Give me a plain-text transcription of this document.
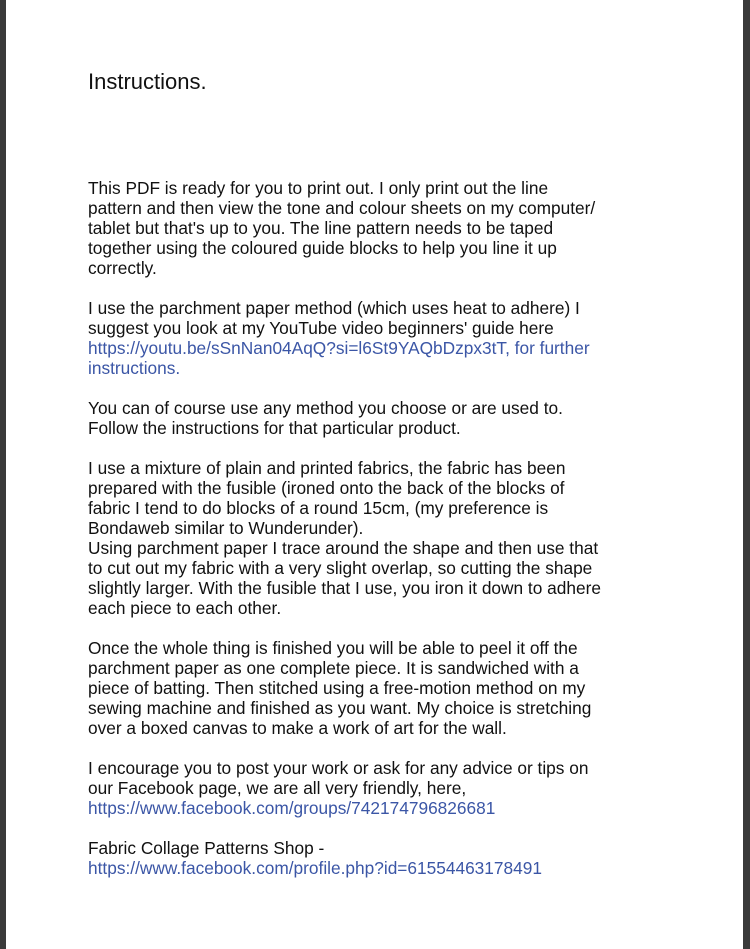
Instructions.
This PDF is ready for you to print out. I only print out the line
pattern and then view the tone and colour sheets on my computer/
tablet but that's up to you. The line pattern needs to be taped
together using the coloured guide blocks to help you line it up
correctly.
I use the parchment paper method (which uses heat to adhere) I
suggest you look at my YouTube video beginners' guide here
https://youtu.be/sSnNan04AqQ?si=l6St9YAQbDzpx3tT, for further
instructions.
You can of course use any method you choose or are used to.
Follow the instructions for that particular product.
I use a mixture of plain and printed fabrics, the fabric has been
prepared with the fusible (ironed onto the back of the blocks of
fabric I tend to do blocks of a round 15cm, (my preference is
Bondaweb similar to Wunderunder).
Using parchment paper I trace around the shape and then use that
to cut out my fabric with a very slight overlap, so cutting the shape
slightly larger. With the fusible that I use, you iron it down to adhere
each piece to each other.
Once the whole thing is finished you will be able to peel it off the
parchment paper as one complete piece. It is sandwiched with a
piece of batting. Then stitched using a free-motion method on my
sewing machine and finished as you want. My choice is stretching
over a boxed canvas to make a work of art for the wall.
I encourage you to post your work or ask for any advice or tips on
our Facebook page, we are all very friendly, here,
https://www.facebook.com/groups/742174796826681
Fabric Collage Patterns Shop -
https://www.facebook.com/profile.php?id=61554463178491
